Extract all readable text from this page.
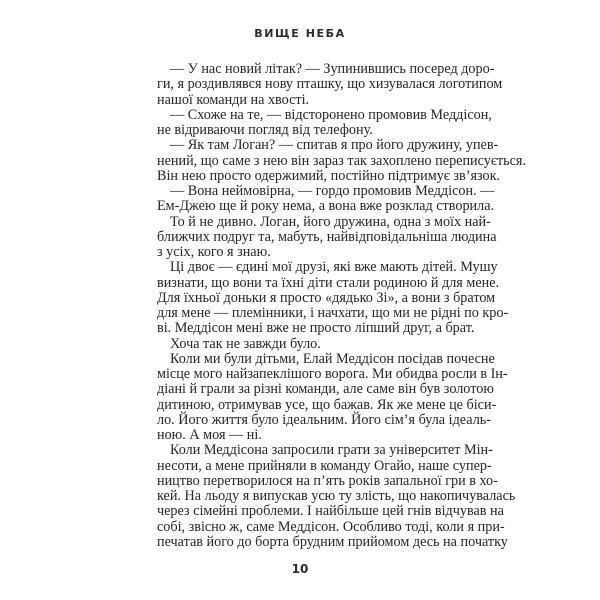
ВИЩЕ НЕБА
— У нас новий літак? — Зупинившись посеред доро-
ги, я роздивлявся нову пташку, що хизувалася логотипом
нашої команди на хвості.
— Схоже на те, — відсторонено промовив Меддісон,
не відриваючи погляд від телефону.
— Як там Логан? — спитав я про його дружину, упев-
нений, що саме з нею він зараз так захоплено переписується.
Він нею просто одержимий, постійно підтримує зв’язок.
— Вона неймовірна, — гордо промовив Меддісон. —
Ем-Джею ще й року нема, а вона вже розклад створила.
То й не дивно. Логан, його дружина, одна з моїх най-
ближчих подруг та, мабуть, найвідповідальніша людина
з усіх, кого я знаю.
Ці двоє — єдині мої друзі, які вже мають дітей. Мушу
визнати, що вони та їхні діти стали родиною й для мене.
Для їхньої доньки я просто «дядько Зі», а вони з братом
для мене — племінники, і начхати, що ми не рідні по кро-
ві. Меддісон мені вже не просто ліпший друг, а брат.
Хоча так не завжди було.
Коли ми були дітьми, Елай Меддісон посідав почесне
місце мого найзапеклішого ворога. Ми обидва росли в Ін-
діані й грали за різні команди, але саме він був золотою
дитиною, отримував усе, що бажав. Як же мене це біси-
ло. Його життя було ідеальним. Його сім’я була ідеаль-
ною. А моя — ні.
Коли Меддісона запросили грати за університет Мін-
несоти, а мене прийняли в команду Огайо, наше супер-
ництво перетворилося на п’ять років запальної гри в хо-
кей. На льоду я випускав усю ту злість, що накопичувалась
через сімейні проблеми. І найбільше цей гнів відчував на
собі, звісно ж, саме Меддісон. Особливо тоді, коли я при-
печатав його до борта брудним прийомом десь на початку
10
